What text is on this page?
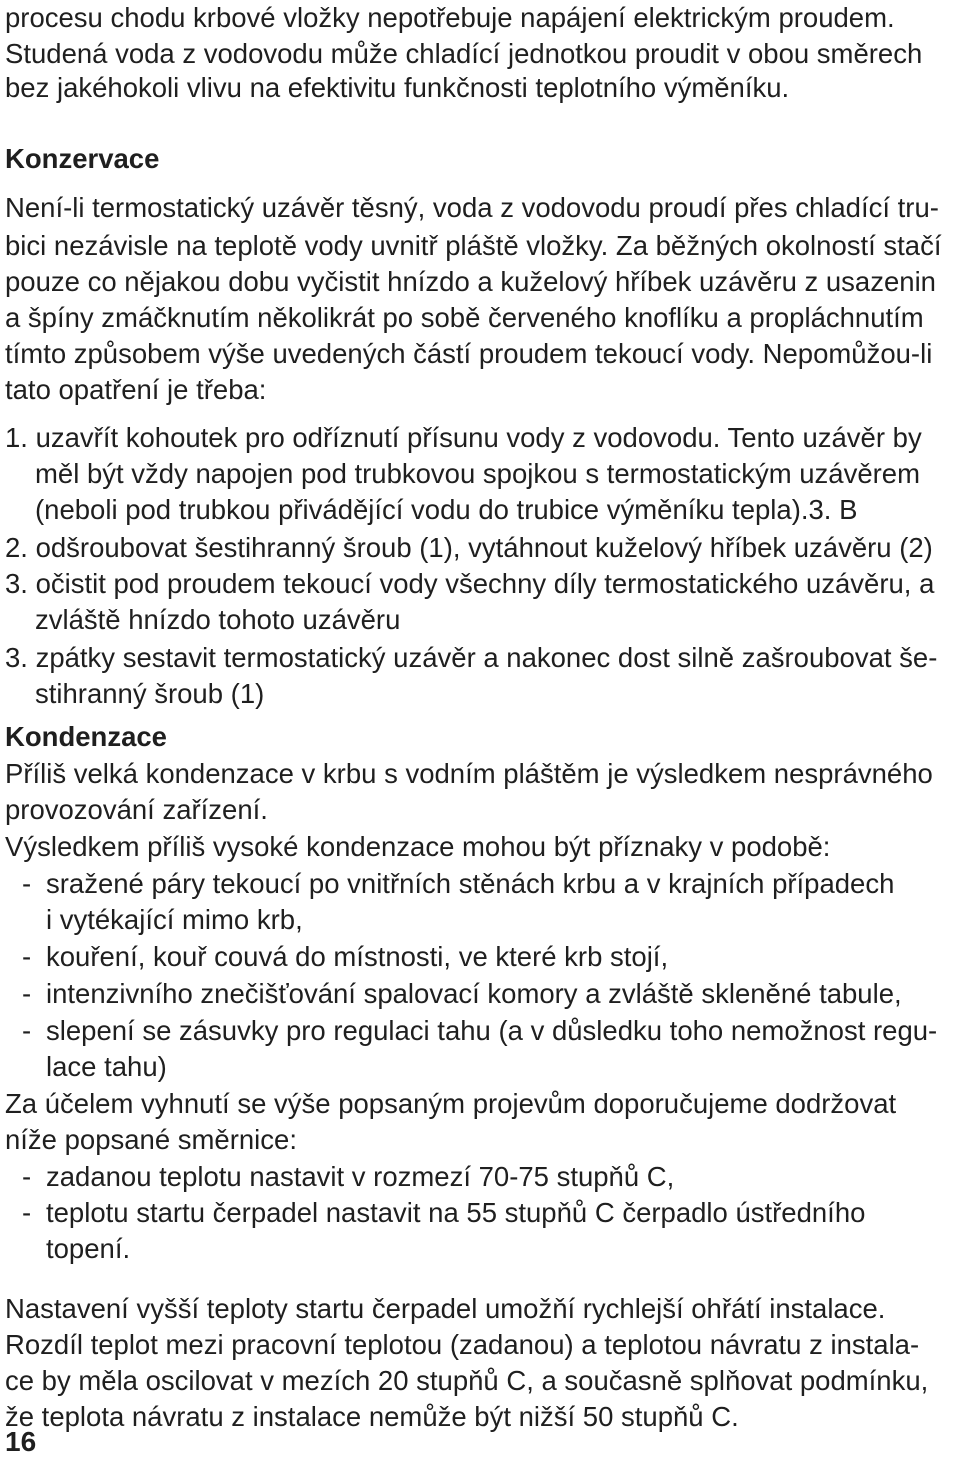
procesu chodu krbové vložky nepotřebuje napájení elektrickým proudem.
Studená voda z vodovodu může chladící jednotkou proudit v obou směrech
bez jakéhokoli vlivu na efektivitu funkčnosti teplotního výměníku.
Konzervace
Není-li termostatický uzávěr těsný, voda z vodovodu proudí přes chladící tru-
bici nezávisle na teplotě vody uvnitř pláště vložky. Za běžných okolností stačí
pouze co nějakou dobu vyčistit hnízdo a kuželový hříbek uzávěru z usazenin
a špíny zmáčknutím několikrát po sobě červeného knoflíku a propláchnutím
tímto způsobem výše uvedených částí proudem tekoucí vody. Nepomůžou-li
tato opatření je třeba:
1. uzavřít kohoutek pro odříznutí přísunu vody z vodovodu. Tento uzávěr by
měl být vždy napojen pod trubkovou spojkou s termostatickým uzávěrem
(neboli pod trubkou přivádějící vodu do trubice výměníku tepla).3. B
2. odšroubovat šestihranný šroub (1), vytáhnout kuželový hříbek uzávěru (2)
3. očistit pod proudem tekoucí vody všechny díly termostatického uzávěru, a
zvláště hnízdo tohoto uzávěru
3. zpátky sestavit termostatický uzávěr a nakonec dost silně zašroubovat še-
stihranný šroub (1)
Kondenzace
Příliš velká kondenzace v krbu s vodním pláštěm je výsledkem nesprávného
provozování zařízení.
Výsledkem příliš vysoké kondenzace mohou být příznaky v podobě:
- sražené páry tekoucí po vnitřních stěnách krbu a v krajních případech
i vytékající mimo krb,
- kouření, kouř couvá do místnosti, ve které krb stojí,
- intenzivního znečišťování spalovací komory a zvláště skleněné tabule,
- slepení se zásuvky pro regulaci tahu (a v důsledku toho nemožnost regu-
lace tahu)
Za účelem vyhnutí se výše popsaným projevům doporučujeme dodržovat
níže popsané směrnice:
- zadanou teplotu nastavit v rozmezí 70-75 stupňů C,
- teplotu startu čerpadel nastavit na 55 stupňů C čerpadlo ústředního
topení.
Nastavení vyšší teploty startu čerpadel umožňí rychlejší ohřátí instalace.
Rozdíl teplot mezi pracovní teplotou (zadanou) a teplotou návratu z instala-
ce by měla oscilovat v mezích 20 stupňů C, a současně splňovat podmínku,
že teplota návratu z instalace nemůže být nižší 50 stupňů C.
16
